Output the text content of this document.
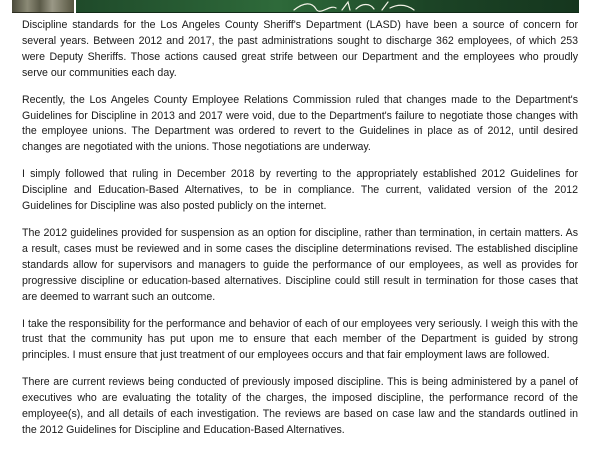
Discipline standards for the Los Angeles County Sheriff's Department (LASD) have been a source of concern for several years. Between 2012 and 2017, the past administrations sought to discharge 362 employees, of which 253 were Deputy Sheriffs. Those actions caused great strife between our Department and the employees who proudly serve our communities each day.

Recently, the Los Angeles County Employee Relations Commission ruled that changes made to the Department's Guidelines for Discipline in 2013 and 2017 were void, due to the Department's failure to negotiate those changes with the employee unions. The Department was ordered to revert to the Guidelines in place as of 2012, until desired changes are negotiated with the unions. Those negotiations are underway.

I simply followed that ruling in December 2018 by reverting to the appropriately established 2012 Guidelines for Discipline and Education-Based Alternatives, to be in compliance. The current, validated version of the 2012 Guidelines for Discipline was also posted publicly on the internet.

The 2012 guidelines provided for suspension as an option for discipline, rather than termination, in certain matters. As a result, cases must be reviewed and in some cases the discipline determinations revised. The established discipline standards allow for supervisors and managers to guide the performance of our employees, as well as provides for progressive discipline or education-based alternatives. Discipline could still result in termination for those cases that are deemed to warrant such an outcome.

I take the responsibility for the performance and behavior of each of our employees very seriously. I weigh this with the trust that the community has put upon me to ensure that each member of the Department is guided by strong principles. I must ensure that just treatment of our employees occurs and that fair employment laws are followed.

There are current reviews being conducted of previously imposed discipline. This is being administered by a panel of executives who are evaluating the totality of the charges, the imposed discipline, the performance record of the employee(s), and all details of each investigation. The reviews are based on case law and the standards outlined in the 2012 Guidelines for Discipline and Education-Based Alternatives.
